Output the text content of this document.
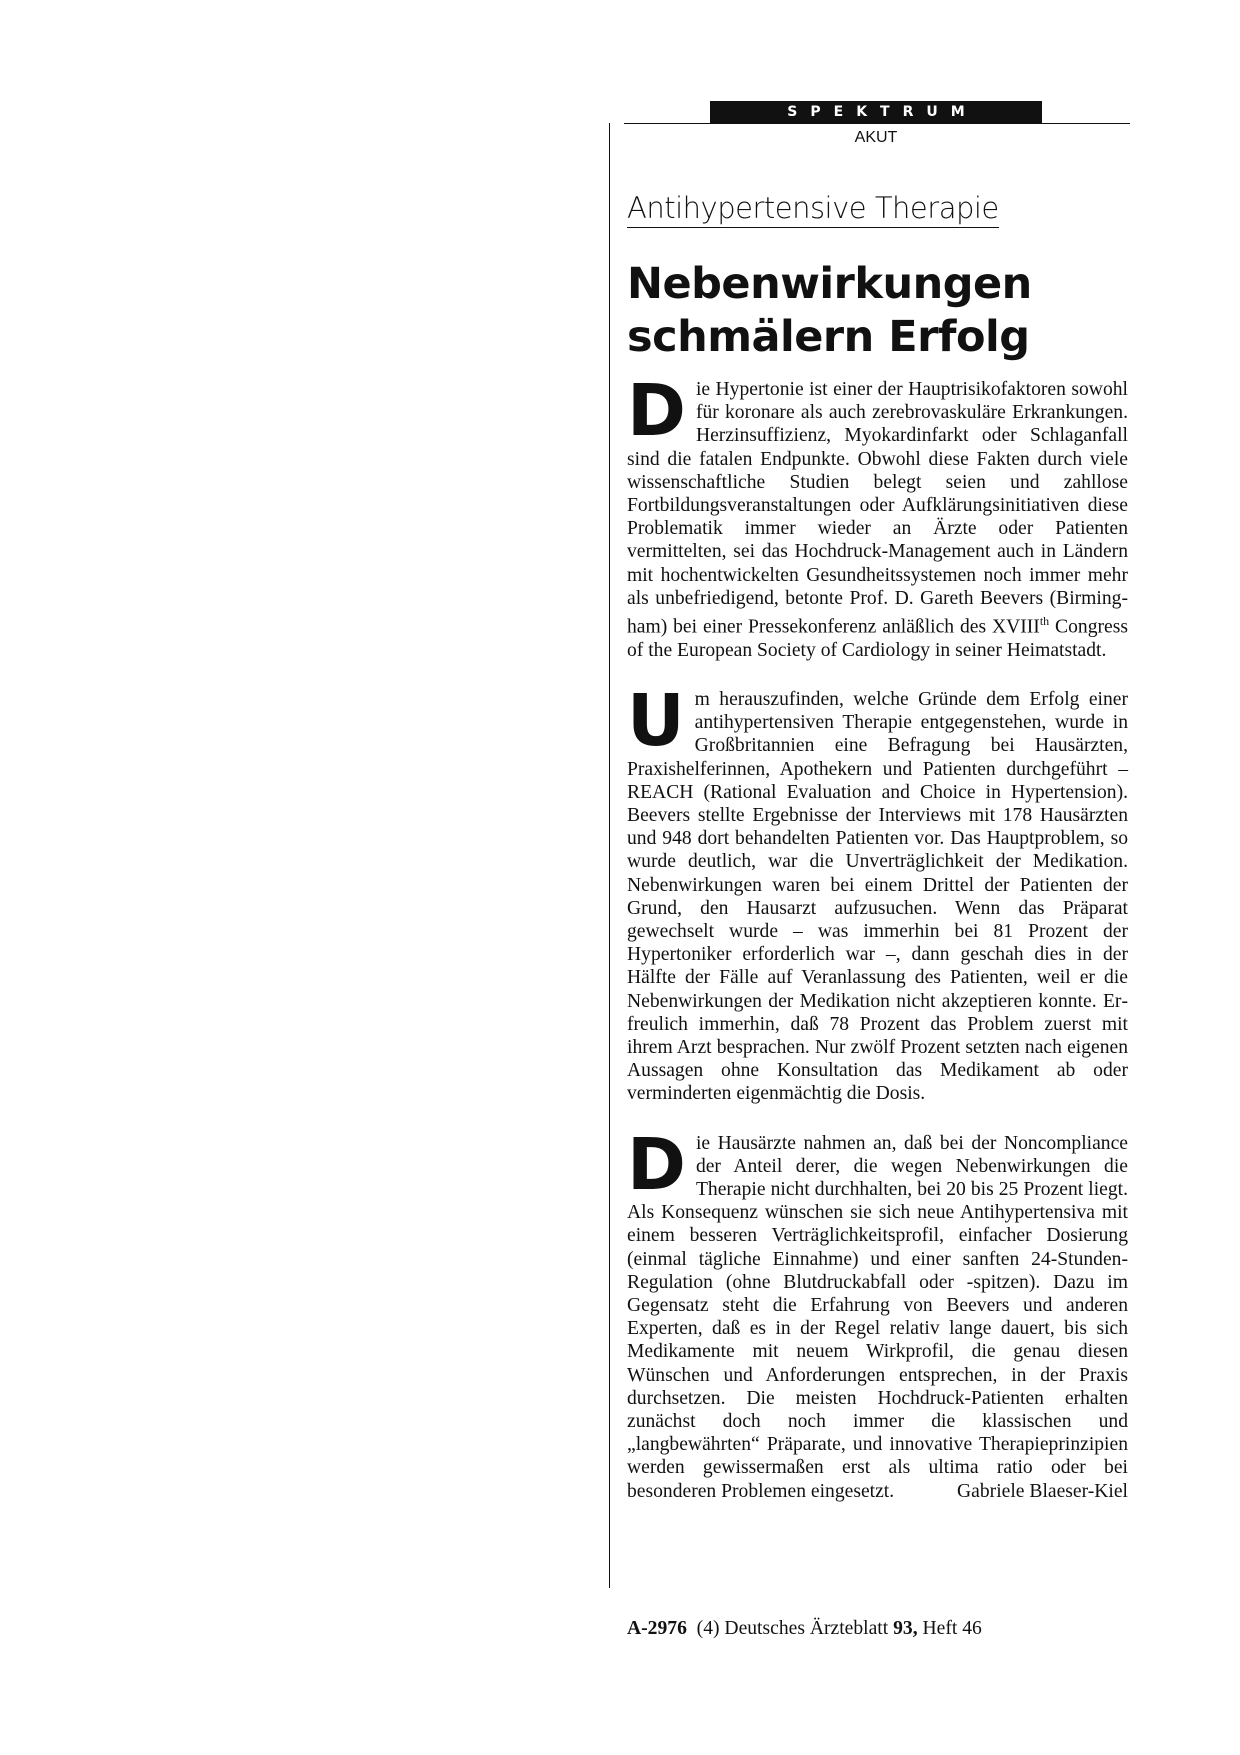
SPEKTRUM
AKUT
Antihypertensive Therapie
Nebenwirkungen
schmälern Erfolg

Die Hypertonie ist einer der Hauptrisikofaktoren sowohl für koronare als auch zerebrovaskuläre Erkrankungen. Herzinsuffizienz, Myokardinfarkt oder Schlaganfall sind die fatalen Endpunkte. Obwohl diese Fakten durch viele wissenschaftliche Studien belegt seien und zahllose Fortbildungsveranstaltungen oder Aufklärungsinitiativen diese Problematik immer wieder an Ärzte oder Patienten vermittelten, sei das Hochdruck-Management auch in Ländern mit hochentwickelten Gesundheitssystemen noch immer mehr als unbefriedigend, betonte Prof. D. Gareth Beevers (Birmingham) bei einer Pressekonferenz anläßlich des XVIIIth Congress of the European Society of Cardiology in seiner Heimatstadt.

Um herauszufinden, welche Gründe dem Erfolg einer antihypertensiven Therapie entgegenstehen, wurde in Großbritannien eine Befragung bei Hausärzten, Praxishelferinnen, Apothekern und Patienten durchgeführt – REACH (Rational Evaluation and Choice in Hypertension). Beevers stellte Ergebnisse der Interviews mit 178 Hausärzten und 948 dort behandelten Patienten vor. Das Hauptproblem, so wurde deutlich, war die Unverträglichkeit der Medikation. Nebenwirkungen waren bei einem Drittel der Patienten der Grund, den Hausarzt aufzusuchen. Wenn das Präparat gewechselt wurde – was immerhin bei 81 Prozent der Hypertoniker erforderlich war –, dann geschah dies in der Hälfte der Fälle auf Veranlassung des Patienten, weil er die Nebenwirkungen der Medikation nicht akzeptieren konnte. Erfreulich immerhin, daß 78 Prozent das Problem zuerst mit ihrem Arzt besprachen. Nur zwölf Prozent setzten nach eigenen Aussagen ohne Konsultation das Medikament ab oder verminderten eigenmächtig die Dosis.

Die Hausärzte nahmen an, daß bei der Noncompliance der Anteil derer, die wegen Nebenwirkungen die Therapie nicht durchhalten, bei 20 bis 25 Prozent liegt. Als Konsequenz wünschen sie sich neue Antihypertensiva mit einem besseren Verträglichkeitsprofil, einfacher Dosierung (einmal tägliche Einnahme) und einer sanften 24-Stunden-Regulation (ohne Blutdruckabfall oder -spitzen). Dazu im Gegensatz steht die Erfahrung von Beevers und anderen Experten, daß es in der Regel relativ lange dauert, bis sich Medikamente mit neuem Wirkprofil, die genau diesen Wünschen und Anforderungen entsprechen, in der Praxis durchsetzen. Die meisten Hochdruck-Patienten erhalten zunächst doch noch immer die klassischen und „langbewährten“ Präparate, und innovative Therapieprinzipien werden gewissermaßen erst als ultima ratio oder bei besonderen Problemen eingesetzt.	Gabriele Blaeser-Kiel

A-2976 (4) Deutsches Ärzteblatt 93, Heft 46
